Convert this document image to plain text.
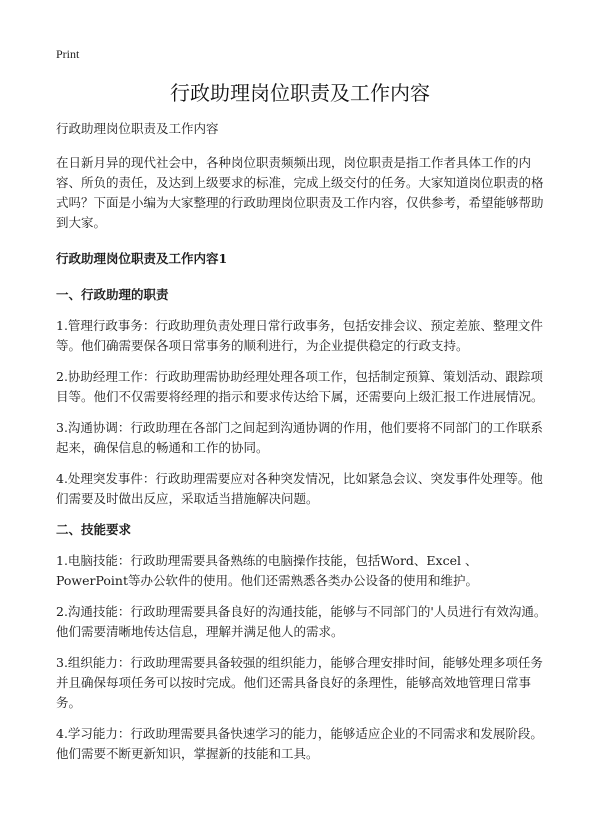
Print
行政助理岗位职责及工作内容

行政助理岗位职责及工作内容

在日新月异的现代社会中，各种岗位职责频频出现，岗位职责是指工作者具体工作的内容、所负的责任，及达到上级要求的标准，完成上级交付的任务。大家知道岗位职责的格式吗？下面是小编为大家整理的行政助理岗位职责及工作内容，仅供参考，希望能够帮助到大家。

行政助理岗位职责及工作内容1

一、行政助理的职责

1.管理行政事务：行政助理负责处理日常行政事务，包括安排会议、预定差旅、整理文件等。他们确需要保各项日常事务的顺利进行，为企业提供稳定的行政支持。

2.协助经理工作：行政助理需协助经理处理各项工作，包括制定预算、策划活动、跟踪项目等。他们不仅需要将经理的指示和要求传达给下属，还需要向上级汇报工作进展情况。

3.沟通协调：行政助理在各部门之间起到沟通协调的作用，他们要将不同部门的工作联系起来，确保信息的畅通和工作的协同。

4.处理突发事件：行政助理需要应对各种突发情况，比如紧急会议、突发事件处理等。他们需要及时做出反应，采取适当措施解决问题。

二、技能要求

1.电脑技能：行政助理需要具备熟练的电脑操作技能，包括Word、Excel 、PowerPoint等办公软件的使用。他们还需熟悉各类办公设备的使用和维护。

2.沟通技能：行政助理需要具备良好的沟通技能，能够与不同部门的'人员进行有效沟通。他们需要清晰地传达信息，理解并满足他人的需求。

3.组织能力：行政助理需要具备较强的组织能力，能够合理安排时间，能够处理多项任务并且确保每项任务可以按时完成。他们还需具备良好的条理性，能够高效地管理日常事务。

4.学习能力：行政助理需要具备快速学习的能力，能够适应企业的不同需求和发展阶段。他们需要不断更新知识，掌握新的技能和工具。
